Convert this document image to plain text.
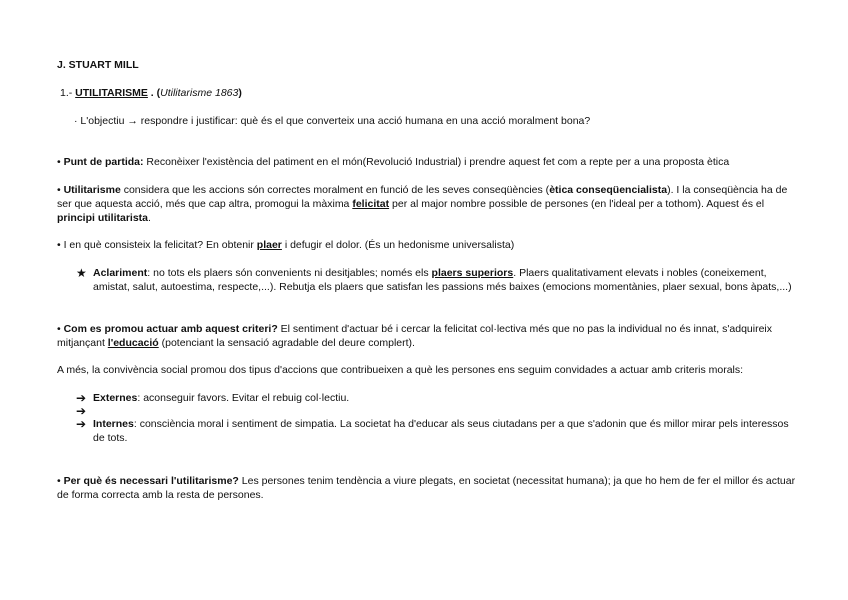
J. STUART MILL
1.- UTILITARISME . (Utilitarisme 1863)
· L'objectiu → respondre i justificar: què és el que converteix una acció humana en una acció moralment bona?
• Punt de partida: Reconèixer l'existència del patiment en el món(Revolució Industrial) i prendre aquest fet com a repte per a una proposta ètica
• Utilitarisme considera que les accions són correctes moralment en funció de les seves conseqüències (ètica conseqüencialista). I la conseqüència ha de ser que aquesta acció, més que cap altra, promogui la màxima felicitat per al major nombre possible de persones (en l'ideal per a tothom). Aquest és el principi utilitarista.
• I en què consisteix la felicitat? En obtenir plaer i defugir el dolor. (És un hedonisme universalista)
★ Aclariment: no tots els plaers són convenients ni desitjables; només els plaers superiors. Plaers qualitativament elevats i nobles (coneixement, amistat, salut, autoestima, respecte,...). Rebutja els plaers que satisfan les passions més baixes (emocions momentànies, plaer sexual, bons àpats,...)
• Com es promou actuar amb aquest criteri? El sentiment d'actuar bé i cercar la felicitat col·lectiva més que no pas la individual no és innat, s'adquireix mitjançant l'educació (potenciant la sensació agradable del deure complert).
A més, la convivència social promou dos tipus d'accions que contribueixen a què les persones ens seguim convidades a actuar amb criteris morals:
➔ Externes: aconseguir favors. Evitar el rebuig col·lectiu.
➔
➔ Internes: consciència moral i sentiment de simpatia. La societat ha d'educar als seus ciutadans per a que s'adonin que és millor mirar pels interessos de tots.
• Per què és necessari l'utilitarisme? Les persones tenim tendència a viure plegats, en societat (necessitat humana); ja que ho hem de fer el millor és actuar de forma correcta amb la resta de persones.
